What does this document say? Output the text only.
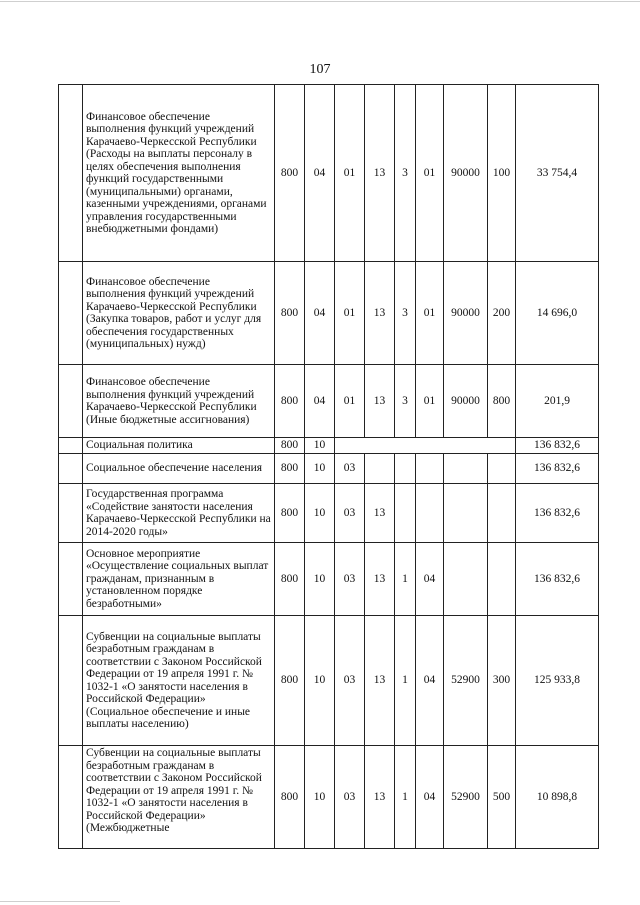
107
	Финансовое обеспечение выполнения функций учреждений Карачаево-Черкесской Республики (Расходы на выплаты персоналу в целях обеспечения выполнения функций государственными (муниципальными) органами, казенными учреждениями, органами управления государственными внебюджетными фондами)	800	04	01	13	3	01	90000	100	33 754,4
	Финансовое обеспечение выполнения функций учреждений Карачаево-Черкесской Республики (Закупка товаров, работ и услуг для обеспечения государственных (муниципальных) нужд)	800	04	01	13	3	01	90000	200	14 696,0
	Финансовое обеспечение выполнения функций учреждений Карачаево-Черкесской Республики (Иные бюджетные ассигнования)	800	04	01	13	3	01	90000	800	201,9
	Социальная политика	800	10							136 832,6
	Социальное обеспечение населения	800	10	03						136 832,6
	Государственная программа «Содействие занятости населения Карачаево-Черкесской Республики на 2014-2020 годы»	800	10	03	13					136 832,6
	Основное мероприятие «Осуществление социальных выплат гражданам, признанным в установленном порядке безработными»	800	10	03	13	1	04			136 832,6
	Субвенции на социальные выплаты безработным гражданам в соответствии с Законом Российской Федерации от 19 апреля 1991 г. № 1032-1 «О занятости населения в Российской Федерации» (Социальное обеспечение и иные выплаты населению)	800	10	03	13	1	04	52900	300	125 933,8
	Субвенции на социальные выплаты безработным гражданам в соответствии с Законом Российской Федерации от 19 апреля 1991 г. № 1032-1 «О занятости населения в Российской Федерации» (Межбюджетные	800	10	03	13	1	04	52900	500	10 898,8
